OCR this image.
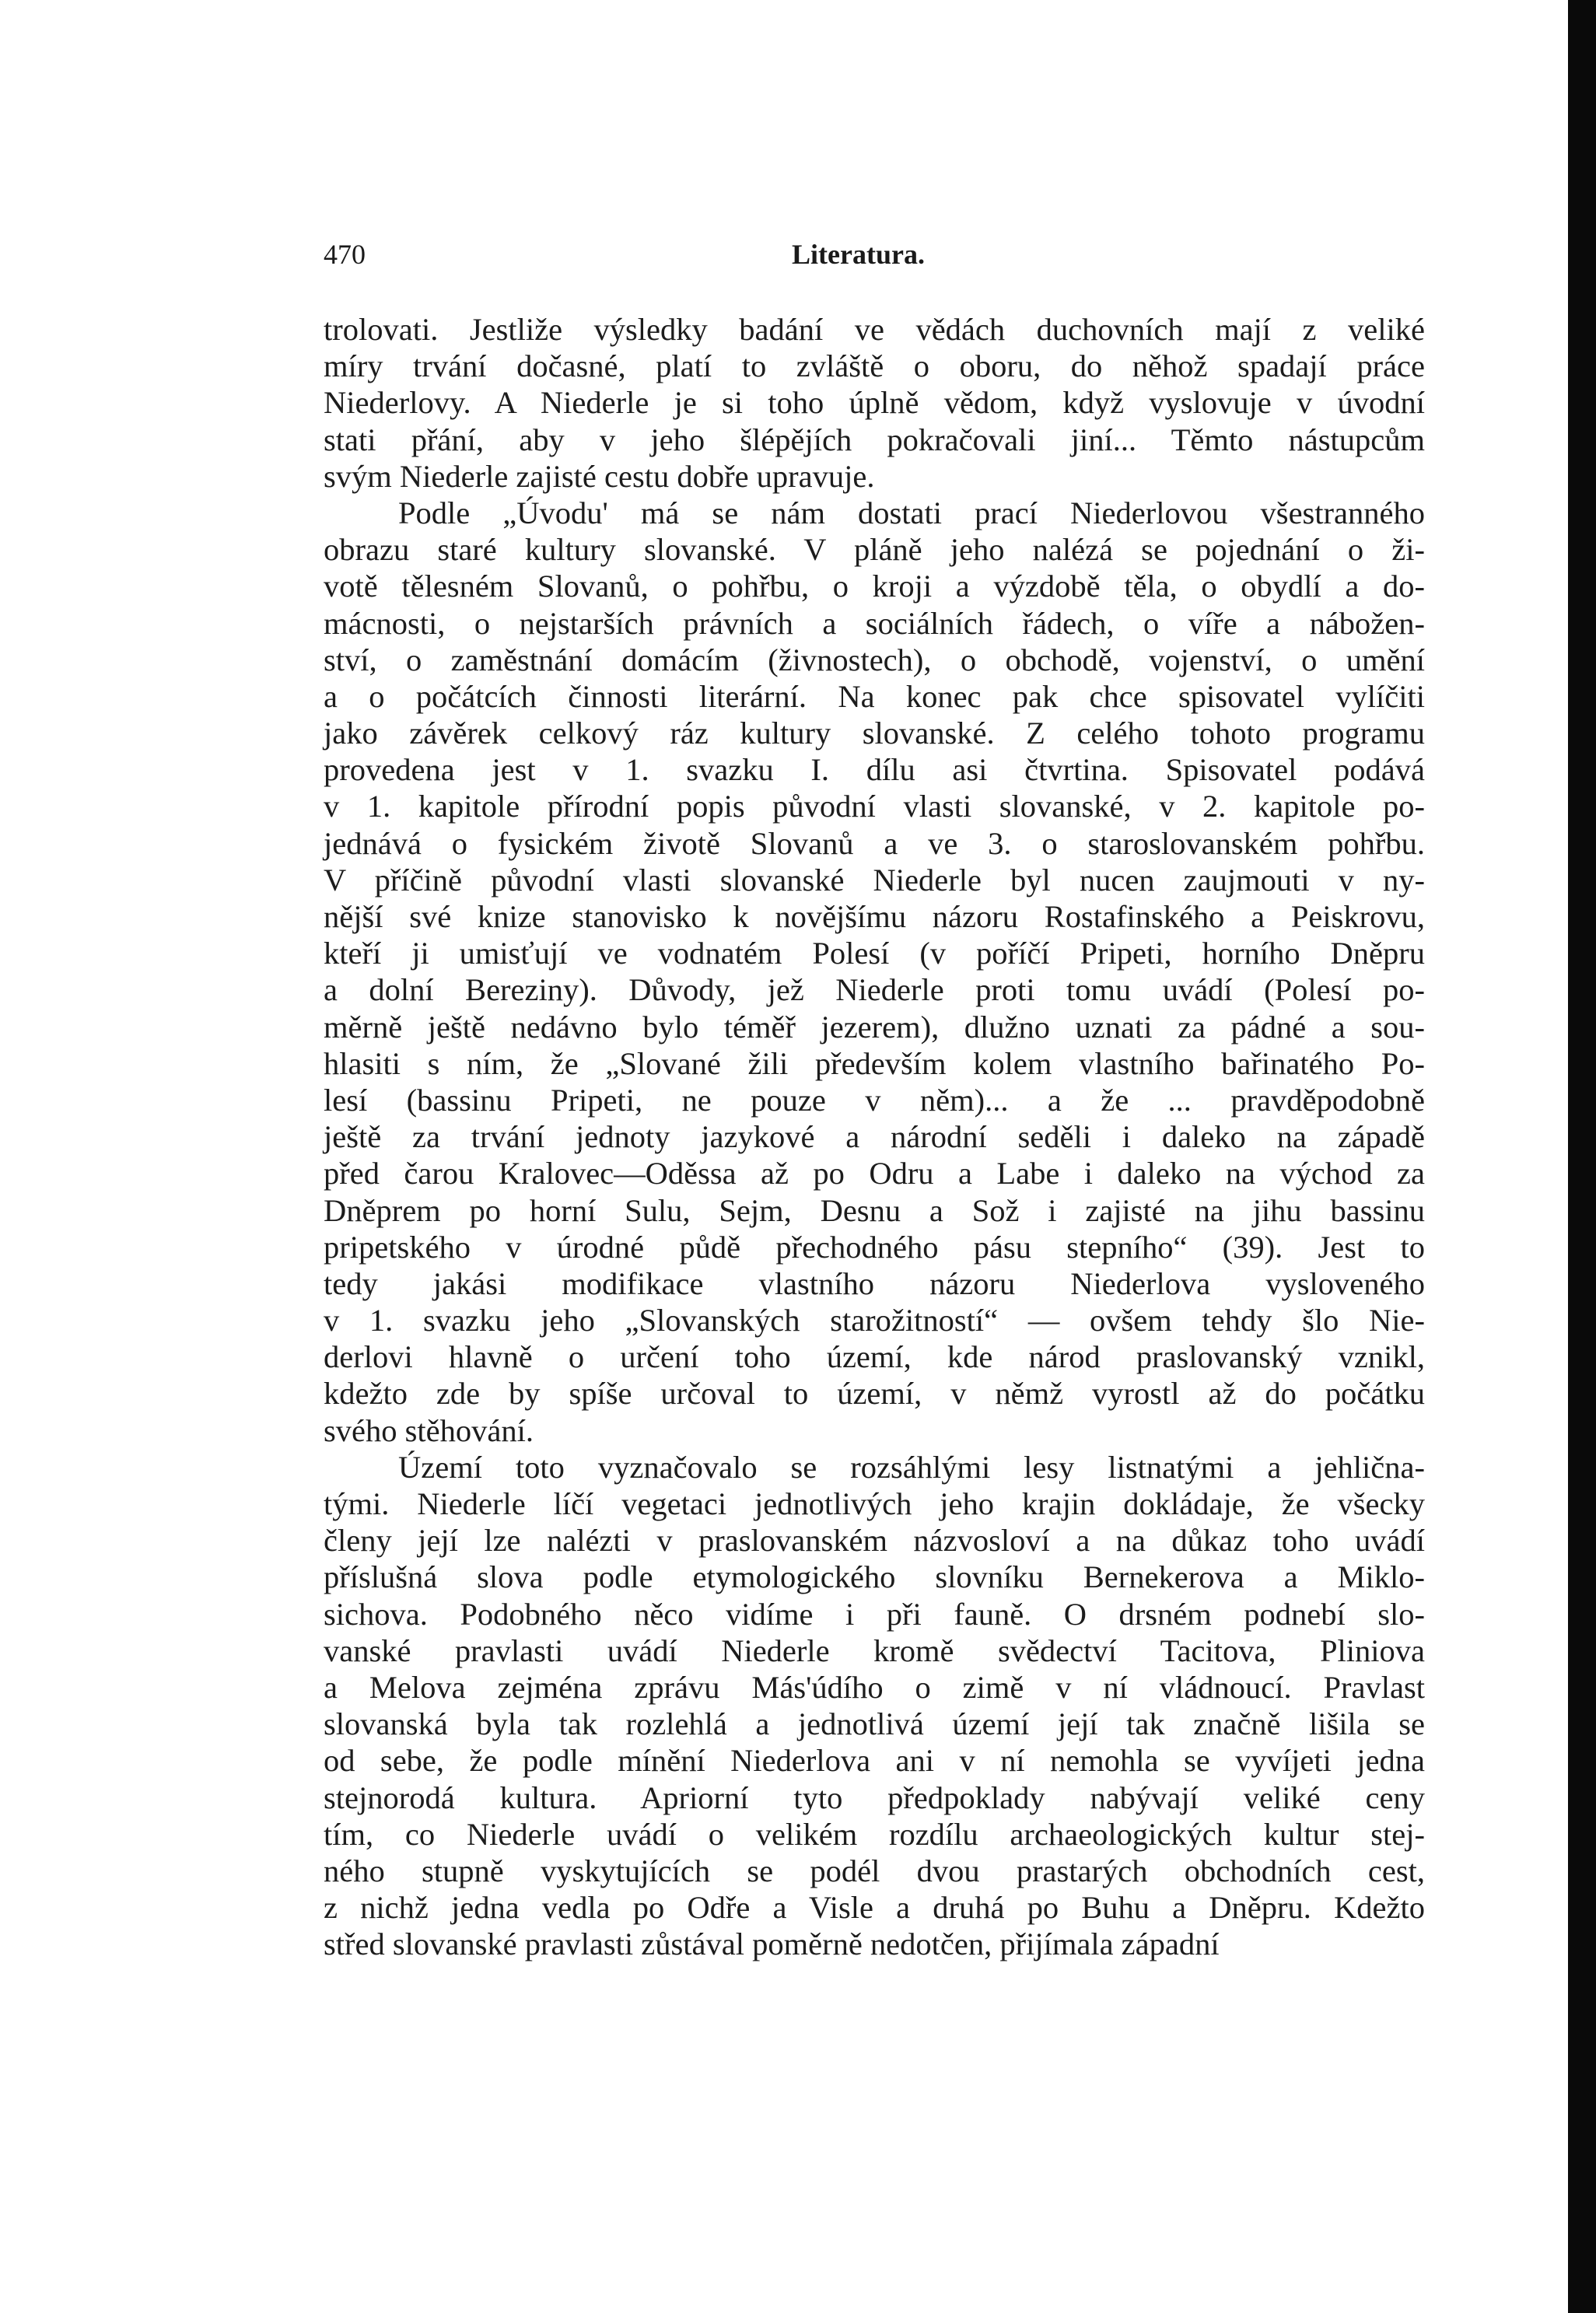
470	Literatura.
trolovati. Jestliže výsledky badání ve vědách duchovních mají z veliké
míry trvání dočasné, platí to zvláště o oboru, do něhož spadají práce
Niederlovy. A Niederle je si toho úplně vědom, když vyslovuje v úvodní
stati přání, aby v jeho šlépějích pokračovali jiní... Těmto nástupcům
svým Niederle zajisté cestu dobře upravuje.
Podle „Úvodu' má se nám dostati prací Niederlovou všestranného
obrazu staré kultury slovanské. V pláně jeho nalézá se pojednání o ži-
votě tělesném Slovanů, o pohřbu, o kroji a výzdobě těla, o obydlí a do-
mácnosti, o nejstarších právních a sociálních řádech, o víře a nábožen-
ství, o zaměstnání domácím (živnostech), o obchodě, vojenství, o umění
a o počátcích činnosti literární. Na konec pak chce spisovatel vylíčiti
jako závěrek celkový ráz kultury slovanské. Z celého tohoto programu
provedena jest v 1. svazku I. dílu asi čtvrtina. Spisovatel podává
v 1. kapitole přírodní popis původní vlasti slovanské, v 2. kapitole po-
jednává o fysickém životě Slovanů a ve 3. o staroslovanském pohřbu.
V příčině původní vlasti slovanské Niederle byl nucen zaujmouti v ny-
nější své knize stanovisko k novějšímu názoru Rostafinského a Peiskrovu,
kteří ji umisťují ve vodnatém Polesí (v poříčí Pripeti, horního Dněpru
a dolní Bereziny). Důvody, jež Niederle proti tomu uvádí (Polesí po-
měrně ještě nedávno bylo téměř jezerem), dlužno uznati za pádné a sou-
hlasiti s ním, že „Slované žili především kolem vlastního bařinatého Po-
lesí (bassinu Pripeti, ne pouze v něm)... a že ... pravděpodobně
ještě za trvání jednoty jazykové a národní seděli i daleko na západě
před čarou Kralovec—Oděssa až po Odru a Labe i daleko na východ za
Dněprem po horní Sulu, Sejm, Desnu a Sož i zajisté na jihu bassinu
pripetského v úrodné půdě přechodného pásu stepního“ (39). Jest to
tedy jakási modifikace vlastního názoru Niederlova vysloveného
v 1. svazku jeho „Slovanských starožitností“ — ovšem tehdy šlo Nie-
derlovi hlavně o určení toho území, kde národ praslovanský vznikl,
kdežto zde by spíše určoval to území, v němž vyrostl až do počátku
svého stěhování.
Území toto vyznačovalo se rozsáhlými lesy listnatými a jehlična-
tými. Niederle líčí vegetaci jednotlivých jeho krajin dokládaje, že všecky
členy její lze nalézti v praslovanském názvosloví a na důkaz toho uvádí
příslušná slova podle etymologického slovníku Bernekerova a Miklo-
sichova. Podobného něco vidíme i při fauně. O drsném podnebí slo-
vanské pravlasti uvádí Niederle kromě svědectví Tacitova, Pliniova
a Melova zejména zprávu Más'údího o zimě v ní vládnoucí. Pravlast
slovanská byla tak rozlehlá a jednotlivá území její tak značně lišila se
od sebe, že podle mínění Niederlova ani v ní nemohla se vyvíjeti jedna
stejnorodá kultura. Apriorní tyto předpoklady nabývají veliké ceny
tím, co Niederle uvádí o velikém rozdílu archaeologických kultur stej-
ného stupně vyskytujících se podél dvou prastarých obchodních cest,
z nichž jedna vedla po Odře a Visle a druhá po Buhu a Dněpru. Kdežto
střed slovanské pravlasti zůstával poměrně nedotčen, přijímala západní
